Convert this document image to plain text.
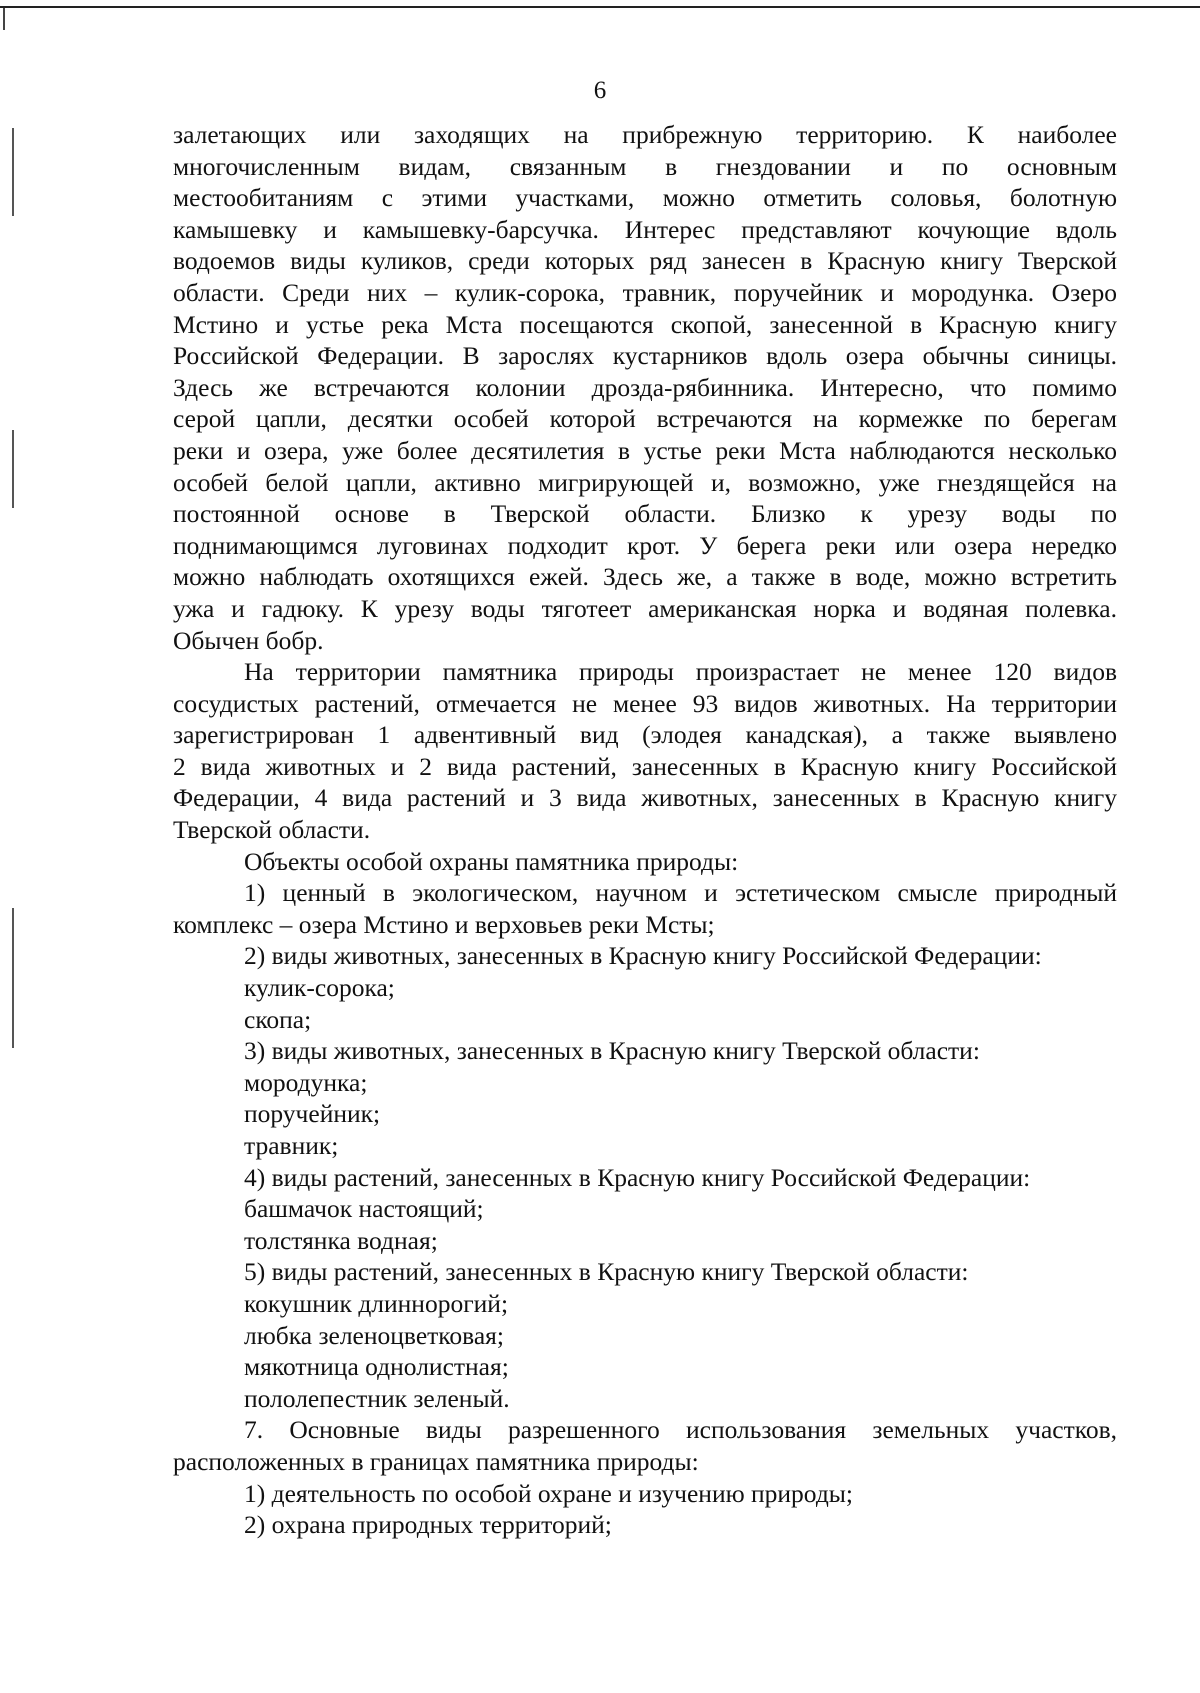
6

залетающих или заходящих на прибрежную территорию. К наиболее

многочисленным видам, связанным в гнездовании и по основным

местообитаниям с этими участками, можно отметить соловья, болотную

камышевку и камышевку-барсучка. Интерес представляют кочующие вдоль

водоемов виды куликов, среди которых ряд занесен в Красную книгу Тверской

области. Среди них – кулик-сорока, травник, поручейник и мородунка. Озеро

Мстино и устье река Мста посещаются скопой, занесенной в Красную книгу

Российской Федерации. В зарослях кустарников вдоль озера обычны синицы.

Здесь же встречаются колонии дрозда-рябинника. Интересно, что помимо

серой цапли, десятки особей которой встречаются на кормежке по берегам

реки и озера, уже более десятилетия в устье реки Мста наблюдаются несколько

особей белой цапли, активно мигрирующей и, возможно, уже гнездящейся на

постоянной основе в Тверской области. Близко к урезу воды по

поднимающимся луговинах подходит крот. У берега реки или озера нередко

можно наблюдать охотящихся ежей. Здесь же, а также в воде, можно встретить

ужа и гадюку. К урезу воды тяготеет американская норка и водяная полевка.

Обычен бобр.

На территории памятника природы произрастает не менее 120 видов

сосудистых растений, отмечается не менее 93 видов животных. На территории

зарегистрирован 1 адвентивный вид (элодея канадская), а также выявлено

2 вида животных и 2 вида растений, занесенных в Красную книгу Российской

Федерации, 4 вида растений и 3 вида животных, занесенных в Красную книгу

Тверской области.

Объекты особой охраны памятника природы:

1) ценный в экологическом, научном и эстетическом смысле природный

комплекс – озера Мстино и верховьев реки Мсты;

2) виды животных, занесенных в Красную книгу Российской Федерации:

кулик-сорока;

скопа;

3) виды животных, занесенных в Красную книгу Тверской области:

мородунка;

поручейник;

травник;

4) виды растений, занесенных в Красную книгу Российской Федерации:

башмачок настоящий;

толстянка водная;

5) виды растений, занесенных в Красную книгу Тверской области:

кокушник длиннорогий;

любка зеленоцветковая;

мякотница однолистная;

пололепестник зеленый.

7. Основные виды разрешенного использования земельных участков,

расположенных в границах памятника природы:

1) деятельность по особой охране и изучению природы;

2) охрана природных территорий;
